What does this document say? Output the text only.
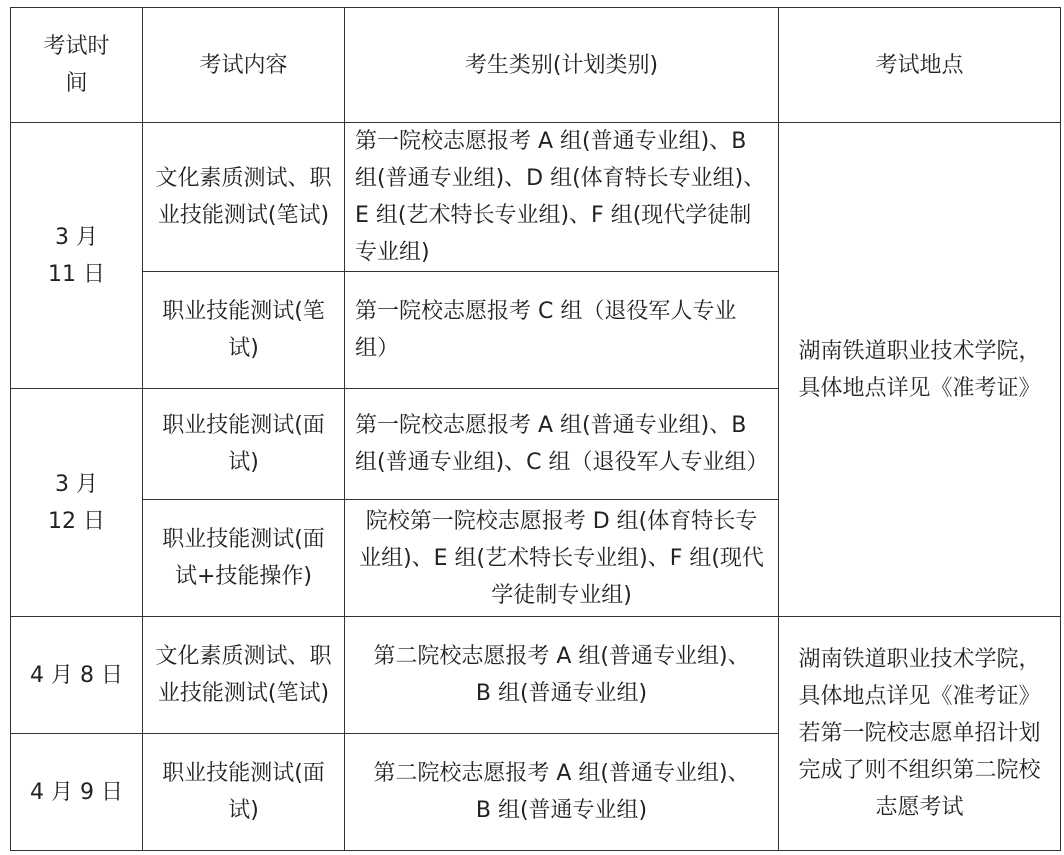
考试时间	考试内容	考生类别(计划类别)	考试地点
3 月 11 日	文化素质测试、职业技能测试(笔试)	第一院校志愿报考 A 组(普通专业组)、B 组(普通专业组)、D 组(体育特长专业组)、E 组(艺术特长专业组)、F 组(现代学徒制专业组)	湖南铁道职业技术学院，具体地点详见《准考证》
	职业技能测试(笔试)	第一院校志愿报考 C 组（退役军人专业组）	
3 月 12 日	职业技能测试(面试)	第一院校志愿报考 A 组(普通专业组)、B 组(普通专业组)、C 组（退役军人专业组）	
	职业技能测试(面试+技能操作)	院校第一院校志愿报考 D 组(体育特长专业组)、E 组(艺术特长专业组)、F 组(现代学徒制专业组)	
4 月 8 日	文化素质测试、职业技能测试(笔试)	第二院校志愿报考 A 组(普通专业组)、B 组(普通专业组)	湖南铁道职业技术学院，具体地点详见《准考证》若第一院校志愿单招计划完成了则不组织第二院校志愿考试
4 月 9 日	职业技能测试(面试)	第二院校志愿报考 A 组(普通专业组)、B 组(普通专业组)	
